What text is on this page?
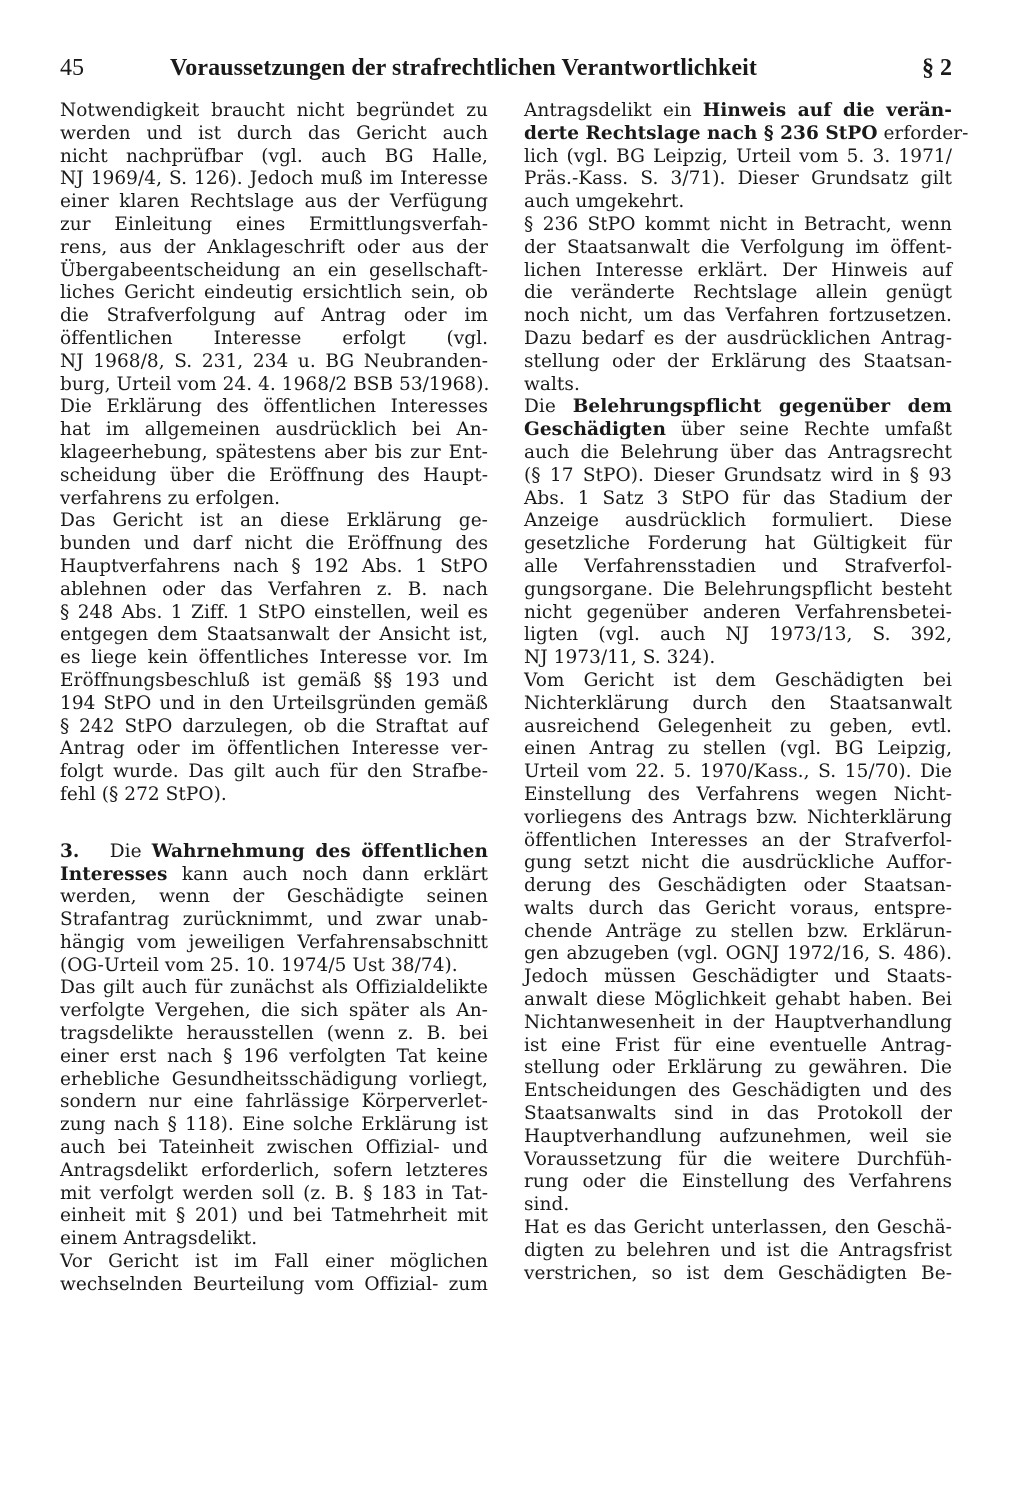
45	Voraussetzungen der strafrechtlichen Verantwortlichkeit	§ 2
Notwendigkeit braucht nicht begründet zu
werden und ist durch das Gericht auch
nicht nachprüfbar (vgl. auch BG Halle,
NJ 1969/4, S. 126). Jedoch muß im Interesse
einer klaren Rechtslage aus der Verfügung
zur Einleitung eines Ermittlungsverfah-
rens, aus der Anklageschrift oder aus der
Übergabeentscheidung an ein gesellschaft-
liches Gericht eindeutig ersichtlich sein, ob
die Strafverfolgung auf Antrag oder im
öffentlichen Interesse erfolgt (vgl.
NJ 1968/8, S. 231, 234 u. BG Neubranden-
burg, Urteil vom 24. 4. 1968/2 BSB 53/1968).
Die Erklärung des öffentlichen Interesses
hat im allgemeinen ausdrücklich bei An-
klageerhebung, spätestens aber bis zur Ent-
scheidung über die Eröffnung des Haupt-
verfahrens zu erfolgen.
Das Gericht ist an diese Erklärung ge-
bunden und darf nicht die Eröffnung des
Hauptverfahrens nach § 192 Abs. 1 StPO
ablehnen oder das Verfahren z. B. nach
§ 248 Abs. 1 Ziff. 1 StPO einstellen, weil es
entgegen dem Staatsanwalt der Ansicht ist,
es liege kein öffentliches Interesse vor. Im
Eröffnungsbeschluß ist gemäß §§ 193 und
194 StPO und in den Urteilsgründen gemäß
§ 242 StPO darzulegen, ob die Straftat auf
Antrag oder im öffentlichen Interesse ver-
folgt wurde. Das gilt auch für den Strafbe-
fehl (§ 272 StPO).
3. Die Wahrnehmung des öffentlichen
Interesses kann auch noch dann erklärt
werden, wenn der Geschädigte seinen
Strafantrag zurücknimmt, und zwar unab-
hängig vom jeweiligen Verfahrensabschnitt
(OG-Urteil vom 25. 10. 1974/5 Ust 38/74).
Das gilt auch für zunächst als Offizialdelikte
verfolgte Vergehen, die sich später als An-
tragsdelikte herausstellen (wenn z. B. bei
einer erst nach § 196 verfolgten Tat keine
erhebliche Gesundheitsschädigung vorliegt,
sondern nur eine fahrlässige Körperverlet-
zung nach § 118). Eine solche Erklärung ist
auch bei Tateinheit zwischen Offizial- und
Antragsdelikt erforderlich, sofern letzteres
mit verfolgt werden soll (z. B. § 183 in Tat-
einheit mit § 201) und bei Tatmehrheit mit
einem Antragsdelikt.
Vor Gericht ist im Fall einer möglichen
wechselnden Beurteilung vom Offizial- zum
Antragsdelikt ein Hinweis auf die verän-
derte Rechtslage nach § 236 StPO erforder-
lich (vgl. BG Leipzig, Urteil vom 5. 3. 1971/
Präs.-Kass. S. 3/71). Dieser Grundsatz gilt
auch umgekehrt.
§ 236 StPO kommt nicht in Betracht, wenn
der Staatsanwalt die Verfolgung im öffent-
lichen Interesse erklärt. Der Hinweis auf
die veränderte Rechtslage allein genügt
noch nicht, um das Verfahren fortzusetzen.
Dazu bedarf es der ausdrücklichen Antrag-
stellung oder der Erklärung des Staatsan-
walts.
Die Belehrungspflicht gegenüber dem
Geschädigten über seine Rechte umfaßt
auch die Belehrung über das Antragsrecht
(§ 17 StPO). Dieser Grundsatz wird in § 93
Abs. 1 Satz 3 StPO für das Stadium der
Anzeige ausdrücklich formuliert. Diese
gesetzliche Forderung hat Gültigkeit für
alle Verfahrensstadien und Strafverfol-
gungsorgane. Die Belehrungspflicht besteht
nicht gegenüber anderen Verfahrensbetei-
ligten (vgl. auch NJ 1973/13, S. 392,
NJ 1973/11, S. 324).
Vom Gericht ist dem Geschädigten bei
Nichterklärung durch den Staatsanwalt
ausreichend Gelegenheit zu geben, evtl.
einen Antrag zu stellen (vgl. BG Leipzig,
Urteil vom 22. 5. 1970/Kass., S. 15/70). Die
Einstellung des Verfahrens wegen Nicht-
vorliegens des Antrags bzw. Nichterklärung
öffentlichen Interesses an der Strafverfol-
gung setzt nicht die ausdrückliche Auffor-
derung des Geschädigten oder Staatsan-
walts durch das Gericht voraus, entspre-
chende Anträge zu stellen bzw. Erklärun-
gen abzugeben (vgl. OGNJ 1972/16, S. 486).
Jedoch müssen Geschädigter und Staats-
anwalt diese Möglichkeit gehabt haben. Bei
Nichtanwesenheit in der Hauptverhandlung
ist eine Frist für eine eventuelle Antrag-
stellung oder Erklärung zu gewähren. Die
Entscheidungen des Geschädigten und des
Staatsanwalts sind in das Protokoll der
Hauptverhandlung aufzunehmen, weil sie
Voraussetzung für die weitere Durchfüh-
rung oder die Einstellung des Verfahrens
sind.
Hat es das Gericht unterlassen, den Geschä-
digten zu belehren und ist die Antragsfrist
verstrichen, so ist dem Geschädigten Be-
